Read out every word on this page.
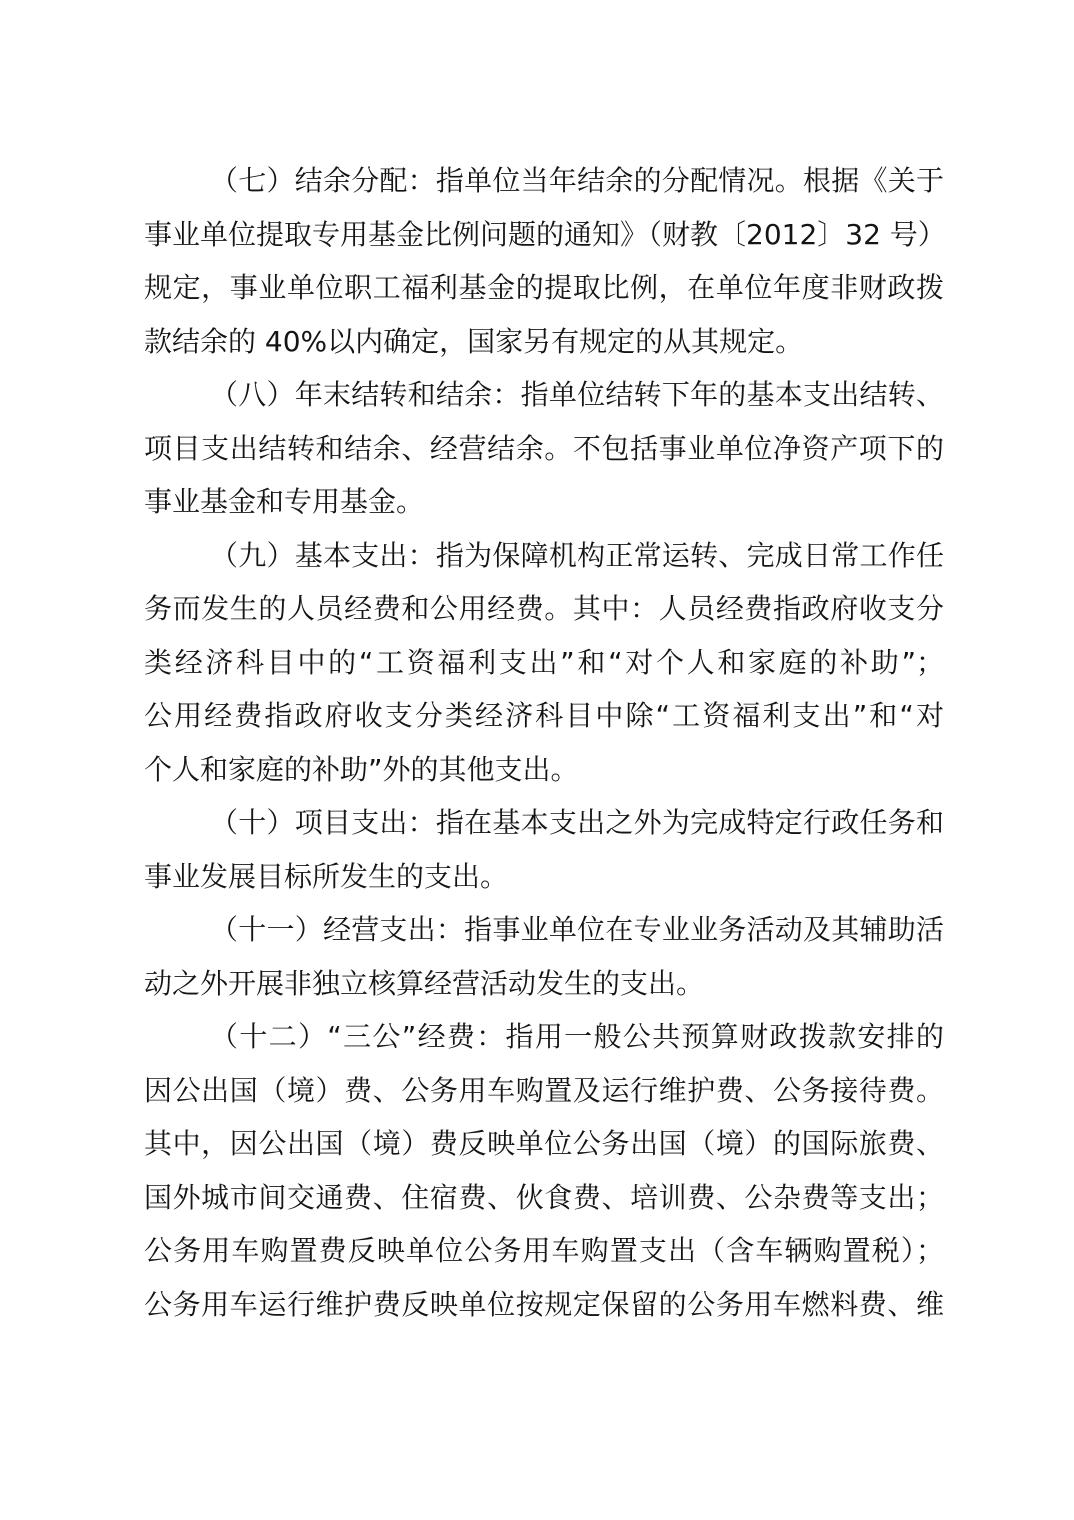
（七）结余分配：指单位当年结余的分配情况。根据《关于

事业单位提取专用基金比例问题的通知》（财教〔2012〕32 号）

规定，事业单位职工福利基金的提取比例，在单位年度非财政拨

款结余的 40%以内确定，国家另有规定的从其规定。

（八）年末结转和结余：指单位结转下年的基本支出结转、

项目支出结转和结余、经营结余。不包括事业单位净资产项下的

事业基金和专用基金。

（九）基本支出：指为保障机构正常运转、完成日常工作任

务而发生的人员经费和公用经费。其中：人员经费指政府收支分

类经济科目中的“工资福利支出”和“对个人和家庭的补助”；

公用经费指政府收支分类经济科目中除“工资福利支出”和“对

个人和家庭的补助”外的其他支出。

（十）项目支出：指在基本支出之外为完成特定行政任务和

事业发展目标所发生的支出。

（十一）经营支出：指事业单位在专业业务活动及其辅助活

动之外开展非独立核算经营活动发生的支出。

（十二）“三公”经费：指用一般公共预算财政拨款安排的

因公出国（境）费、公务用车购置及运行维护费、公务接待费。

其中，因公出国（境）费反映单位公务出国（境）的国际旅费、

国外城市间交通费、住宿费、伙食费、培训费、公杂费等支出；

公务用车购置费反映单位公务用车购置支出（含车辆购置税）；

公务用车运行维护费反映单位按规定保留的公务用车燃料费、维
